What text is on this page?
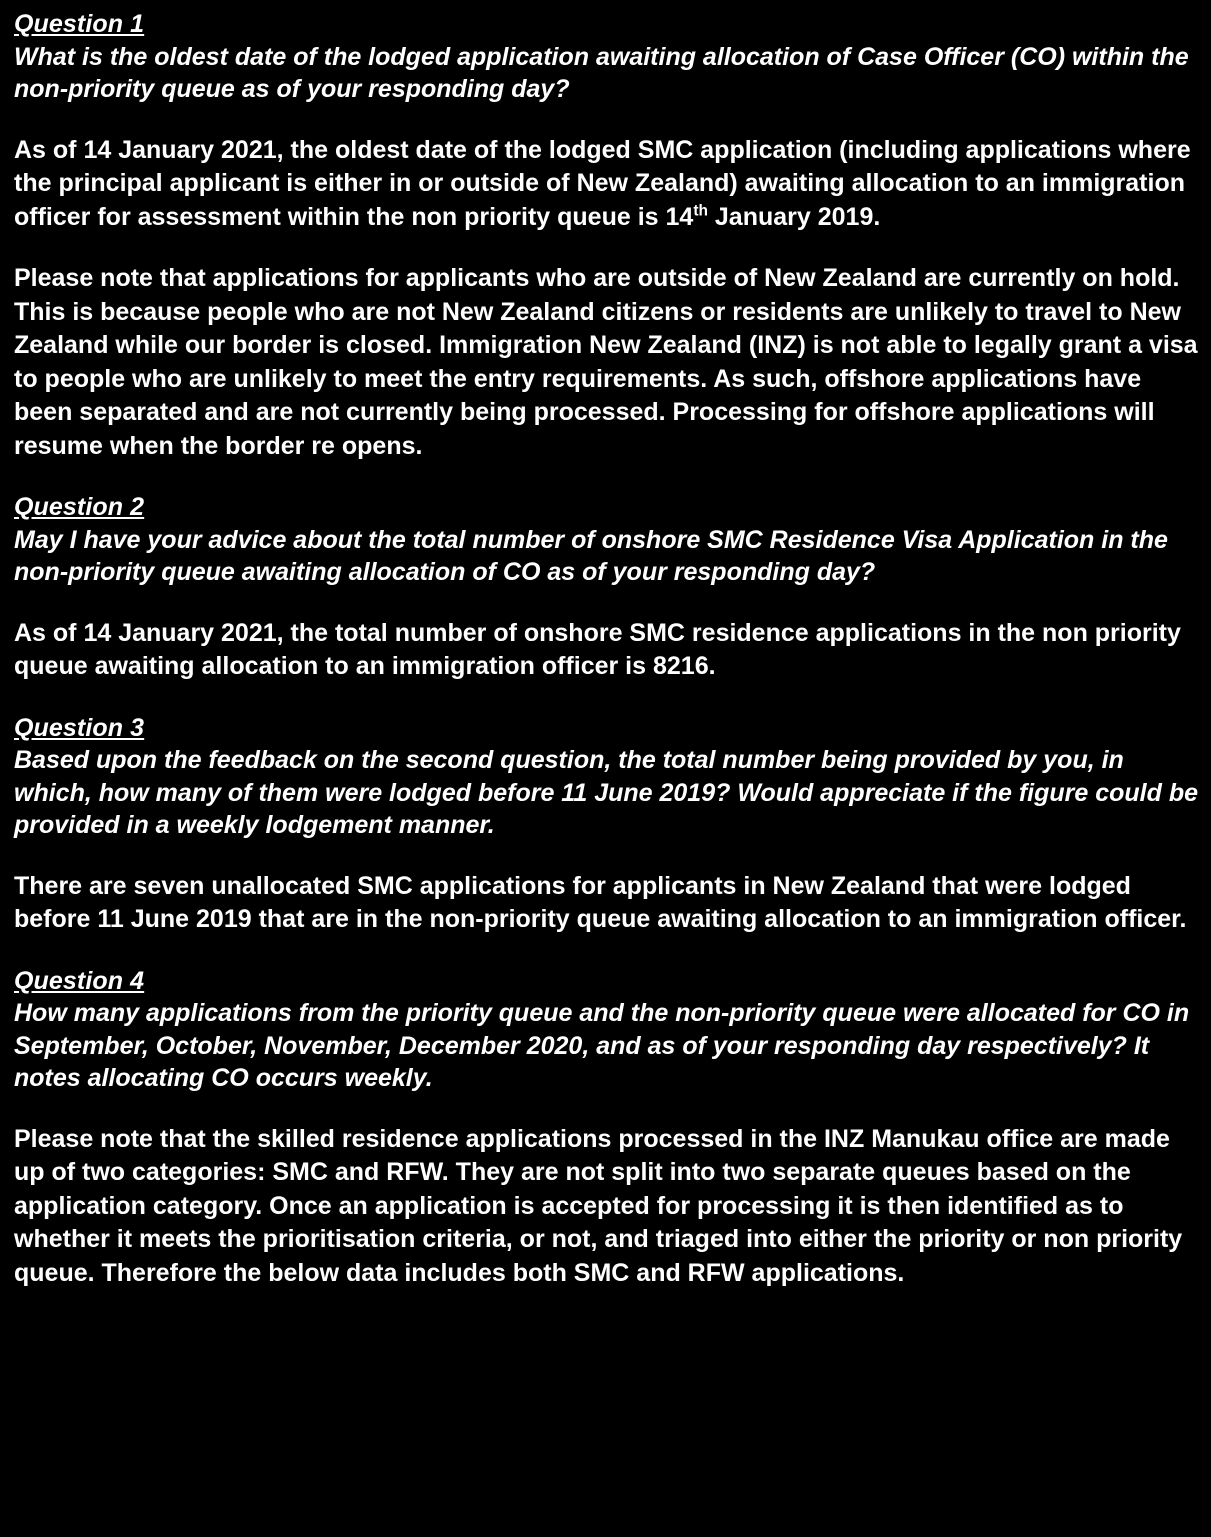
Question 1
What is the oldest date of the lodged application awaiting allocation of Case Officer (CO) within the non-priority queue as of your responding day?
As of 14 January 2021, the oldest date of the lodged SMC application (including applications where the principal applicant is either in or outside of New Zealand) awaiting allocation to an immigration officer for assessment within the non priority queue is 14th January 2019.
Please note that applications for applicants who are outside of New Zealand are currently on hold. This is because people who are not New Zealand citizens or residents are unlikely to travel to New Zealand while our border is closed. Immigration New Zealand (INZ) is not able to legally grant a visa to people who are unlikely to meet the entry requirements. As such, offshore applications have been separated and are not currently being processed. Processing for offshore applications will resume when the border re opens.
Question 2
May I have your advice about the total number of onshore SMC Residence Visa Application in the non-priority queue awaiting allocation of CO as of your responding day?
As of 14 January 2021, the total number of onshore SMC residence applications in the non priority queue awaiting allocation to an immigration officer is 8216.
Question 3
Based upon the feedback on the second question, the total number being provided by you, in which, how many of them were lodged before 11 June 2019? Would appreciate if the figure could be provided in a weekly lodgement manner.
There are seven unallocated SMC applications for applicants in New Zealand that were lodged before 11 June 2019 that are in the non-priority queue awaiting allocation to an immigration officer.
Question 4
How many applications from the priority queue and the non-priority queue were allocated for CO in September, October, November, December 2020, and as of your responding day respectively? It notes allocating CO occurs weekly.
Please note that the skilled residence applications processed in the INZ Manukau office are made up of two categories: SMC and RFW. They are not split into two separate queues based on the application category. Once an application is accepted for processing it is then identified as to whether it meets the prioritisation criteria, or not, and triaged into either the priority or non priority queue. Therefore the below data includes both SMC and RFW applications.
